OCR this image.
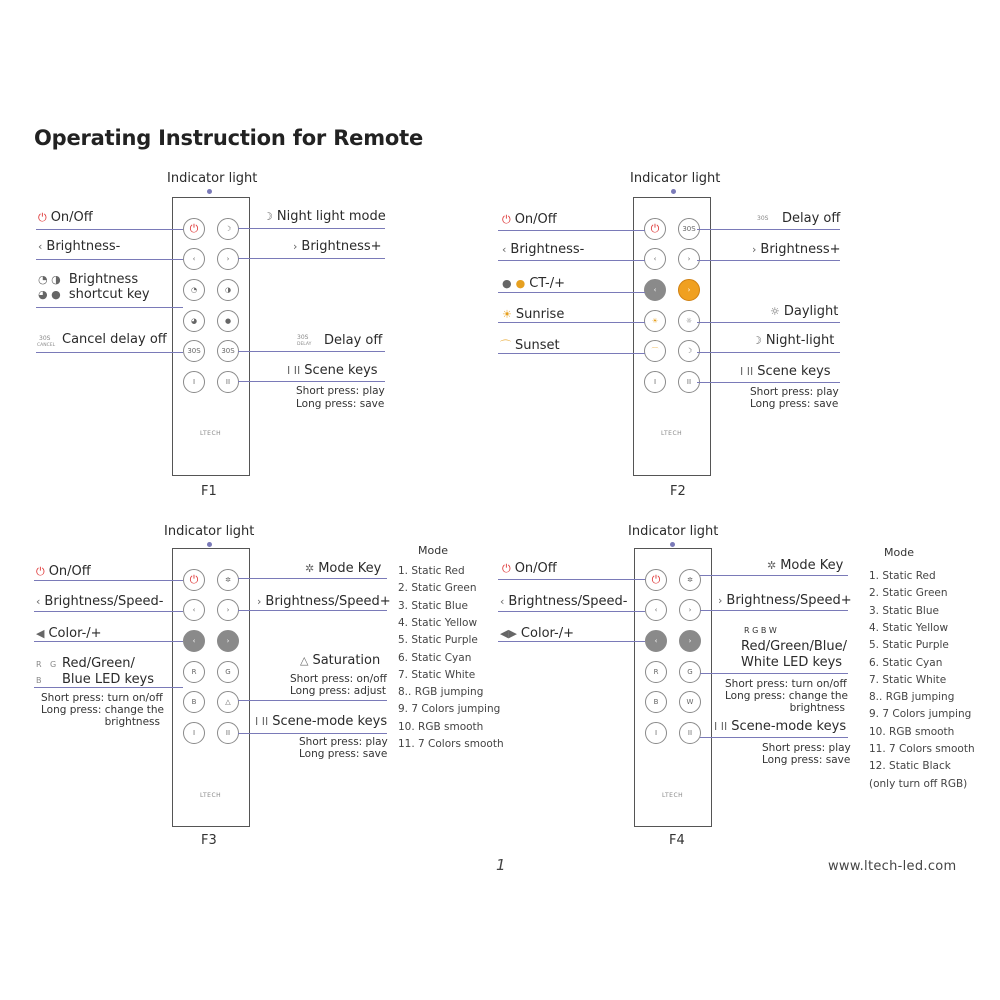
Operating Instruction for Remote
Indicator light
⏻	☽
‹	›
◔	◑
◕	●
30S	30S
I	II
LTECH
⏻ On/Off
‹ Brightness-
◔ ◑ Brightness
◕ ● shortcut key
30S
CANCEL Cancel delay off
☽ Night light mode
› Brightness+
30S
DELAY Delay off
I II Scene keys
Short press: play
Long press: save
F1
Indicator light
⏻	30S
‹	›
‹	›
☀	☼
⌒	☽
I	II
LTECH
⏻ On/Off
‹ Brightness-
● ● CT-/+
☀ Sunrise
⌒ Sunset
30S Delay off
› Brightness+
☼ Daylight
☽ Night-light
I II Scene keys
Short press: play
Long press: save
F2
Indicator light
⏻	✲
‹	›
‹	›
R	G
B	△
I	II
LTECH
⏻ On/Off
‹ Brightness/Speed-
◀ Color-/+
R G
B
Red/Green/
Blue LED keys
Short press: turn on/off
Long press: change the
brightness
✲ Mode Key
› Brightness/Speed+
△ Saturation
Short press: on/off
Long press: adjust
I II Scene-mode keys
Short press: play
Long press: save
Mode
1. Static Red
2. Static Green
3. Static Blue
4. Static Yellow
5. Static Purple
6. Static Cyan
7. Static White
8.. RGB jumping
9. 7 Colors jumping
10. RGB smooth
11. 7 Colors smooth
F3
Indicator light
⏻	✲
‹	›
‹	›
R	G
B	W
I	II
LTECH
⏻ On/Off
‹ Brightness/Speed-
◀▶ Color-/+
✲ Mode Key
› Brightness/Speed+
R G B W
Red/Green/Blue/
White LED keys
Short press: turn on/off
Long press: change the
brightness
I II Scene-mode keys
Short press: play
Long press: save
Mode
1. Static Red
2. Static Green
3. Static Blue
4. Static Yellow
5. Static Purple
6. Static Cyan
7. Static White
8.. RGB jumping
9. 7 Colors jumping
10. RGB smooth
11. 7 Colors smooth
12. Static Black
(only turn off RGB)
F4
1	www.ltech-led.com
